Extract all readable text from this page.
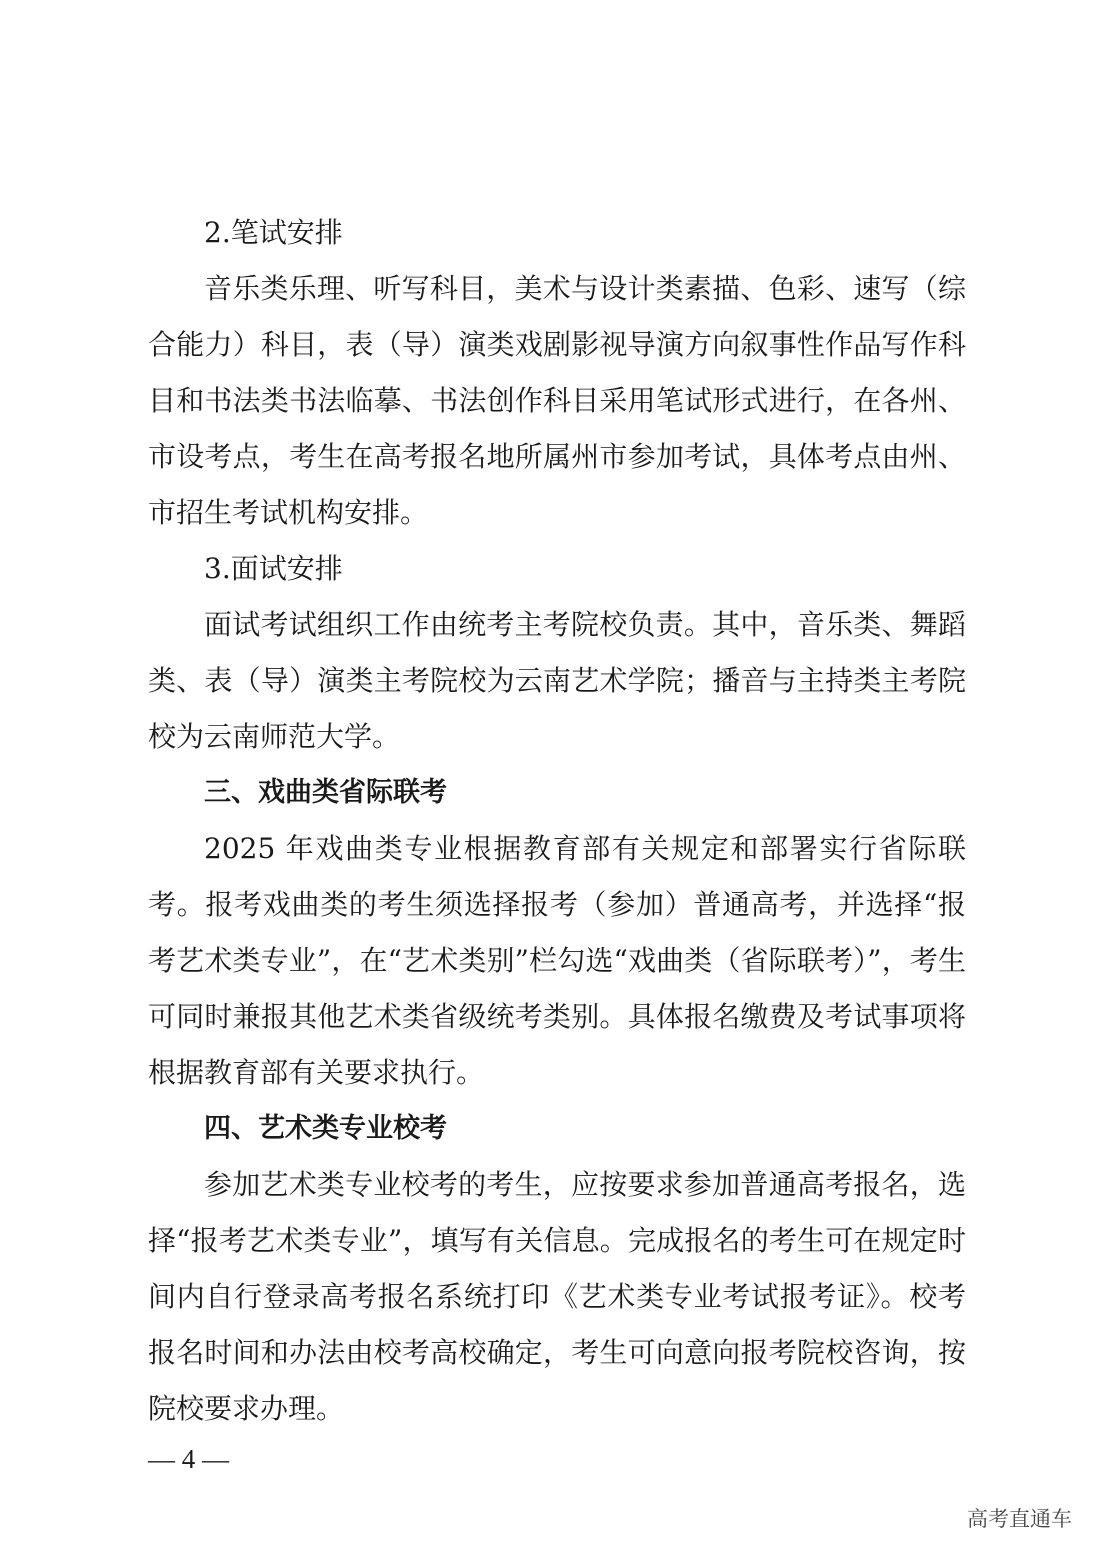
2.笔试安排

音乐类乐理、听写科目，美术与设计类素描、色彩、速写（综合能力）科目，表（导）演类戏剧影视导演方向叙事性作品写作科目和书法类书法临摹、书法创作科目采用笔试形式进行，在各州、市设考点，考生在高考报名地所属州市参加考试，具体考点由州、市招生考试机构安排。

3.面试安排

面试考试组织工作由统考主考院校负责。其中，音乐类、舞蹈类、表（导）演类主考院校为云南艺术学院；播音与主持类主考院校为云南师范大学。

三、戏曲类省际联考

2025 年戏曲类专业根据教育部有关规定和部署实行省际联考。报考戏曲类的考生须选择报考（参加）普通高考，并选择“报考艺术类专业”，在“艺术类别”栏勾选“戏曲类（省际联考）”，考生可同时兼报其他艺术类省级统考类别。具体报名缴费及考试事项将根据教育部有关要求执行。

四、艺术类专业校考

参加艺术类专业校考的考生，应按要求参加普通高考报名，选择“报考艺术类专业”，填写有关信息。完成报名的考生可在规定时间内自行登录高考报名系统打印《艺术类专业考试报考证》。校考报名时间和办法由校考高校确定，考生可向意向报考院校咨询，按院校要求办理。

— 4 —
高考直通车
